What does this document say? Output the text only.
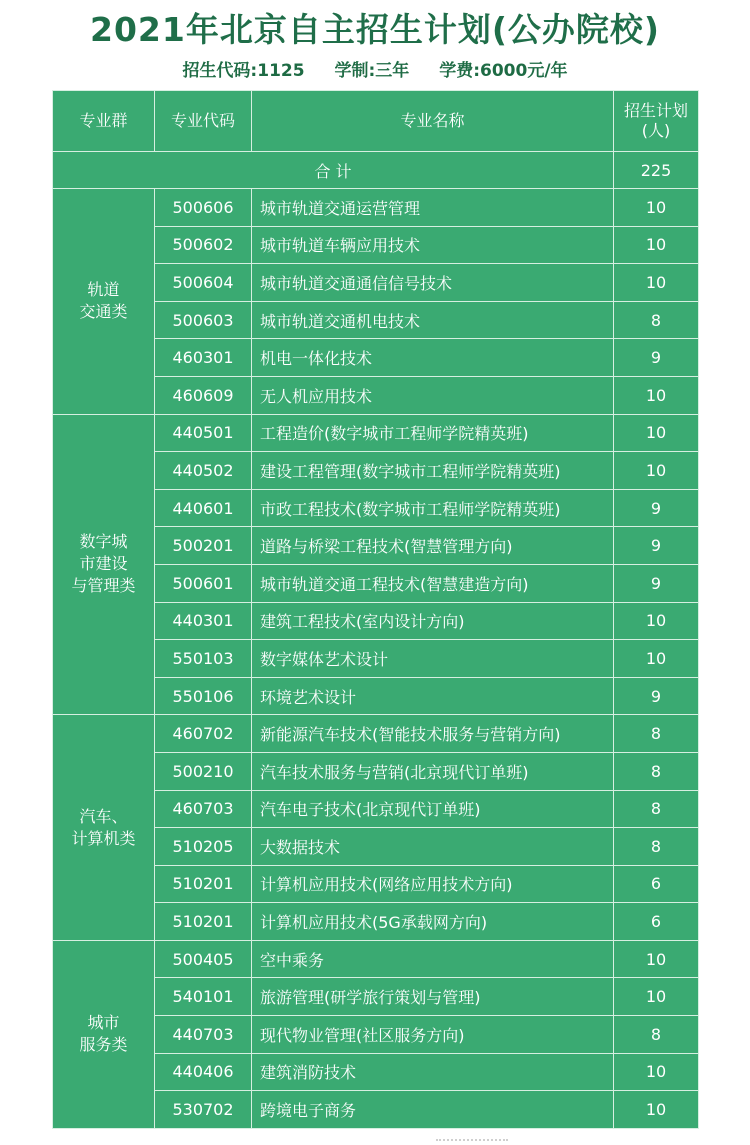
2021年北京自主招生计划(公办院校)
招生代码:1125 学制:三年 学费:6000元/年
专业群	专业代码	专业名称	招生计划
(人)
合 计			225
轨道
交通类	500606	城市轨道交通运营管理	10
	500602	城市轨道车辆应用技术	10
	500604	城市轨道交通通信信号技术	10
	500603	城市轨道交通机电技术	8
	460301	机电一体化技术	9
	460609	无人机应用技术	10
数字城
市建设
与管理类	440501	工程造价(数字城市工程师学院精英班)	10
	440502	建设工程管理(数字城市工程师学院精英班)	10
	440601	市政工程技术(数字城市工程师学院精英班)	9
	500201	道路与桥梁工程技术(智慧管理方向)	9
	500601	城市轨道交通工程技术(智慧建造方向)	9
	440301	建筑工程技术(室内设计方向)	10
	550103	数字媒体艺术设计	10
	550106	环境艺术设计	9
汽车、
计算机类	460702	新能源汽车技术(智能技术服务与营销方向)	8
	500210	汽车技术服务与营销(北京现代订单班)	8
	460703	汽车电子技术(北京现代订单班)	8
	510205	大数据技术	8
	510201	计算机应用技术(网络应用技术方向)	6
	510201	计算机应用技术(5G承载网方向)	6
城市
服务类	500405	空中乘务	10
	540101	旅游管理(研学旅行策划与管理)	10
	440703	现代物业管理(社区服务方向)	8
	440406	建筑消防技术	10
	530702	跨境电子商务	10
